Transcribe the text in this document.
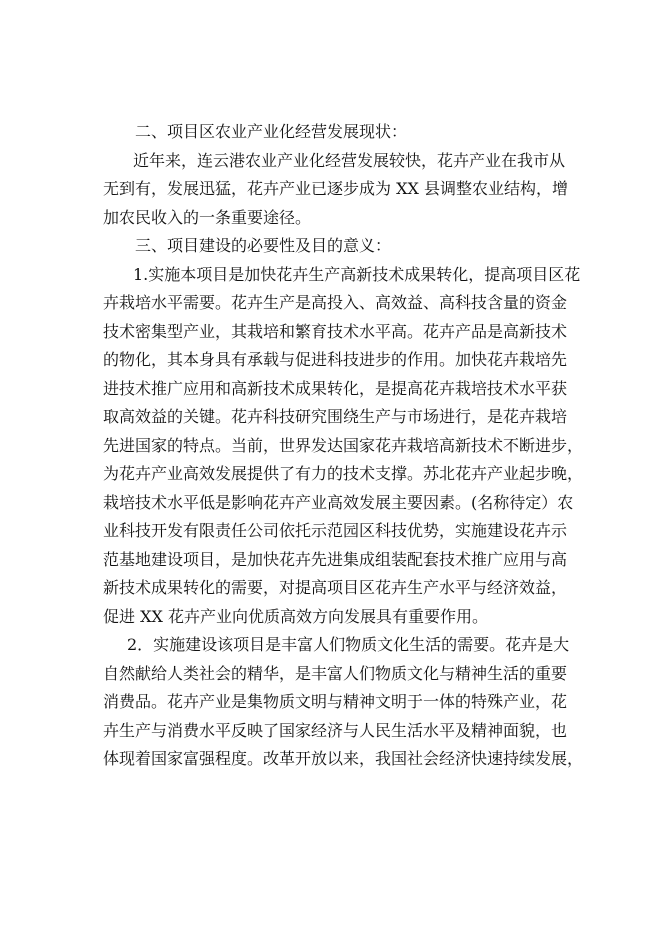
二、项目区农业产业化经营发展现状：

近年来，连云港农业产业化经营发展较快，花卉产业在我市从

无到有，发展迅猛，花卉产业已逐步成为 XX 县调整农业结构，增

加农民收入的一条重要途径。

三、项目建设的必要性及目的意义：

1.实施本项目是加快花卉生产高新技术成果转化，提高项目区花

卉栽培水平需要。花卉生产是高投入、高效益、高科技含量的资金

技术密集型产业，其栽培和繁育技术水平高。花卉产品是高新技术

的物化，其本身具有承载与促进科技进步的作用。加快花卉栽培先

进技术推广应用和高新技术成果转化，是提高花卉栽培技术水平获

取高效益的关键。花卉科技研究围绕生产与市场进行，是花卉栽培

先进国家的特点。当前，世界发达国家花卉栽培高新技术不断进步，

为花卉产业高效发展提供了有力的技术支撑。苏北花卉产业起步晚，

栽培技术水平低是影响花卉产业高效发展主要因素。(名称待定）农

业科技开发有限责任公司依托示范园区科技优势，实施建设花卉示

范基地建设项目，是加快花卉先进集成组装配套技术推广应用与高

新技术成果转化的需要，对提高项目区花卉生产水平与经济效益，

促进 XX 花卉产业向优质高效方向发展具有重要作用。

2．实施建设该项目是丰富人们物质文化生活的需要。花卉是大

自然献给人类社会的精华，是丰富人们物质文化与精神生活的重要

消费品。花卉产业是集物质文明与精神文明于一体的特殊产业，花

卉生产与消费水平反映了国家经济与人民生活水平及精神面貌，也

体现着国家富强程度。改革开放以来，我国社会经济快速持续发展，
